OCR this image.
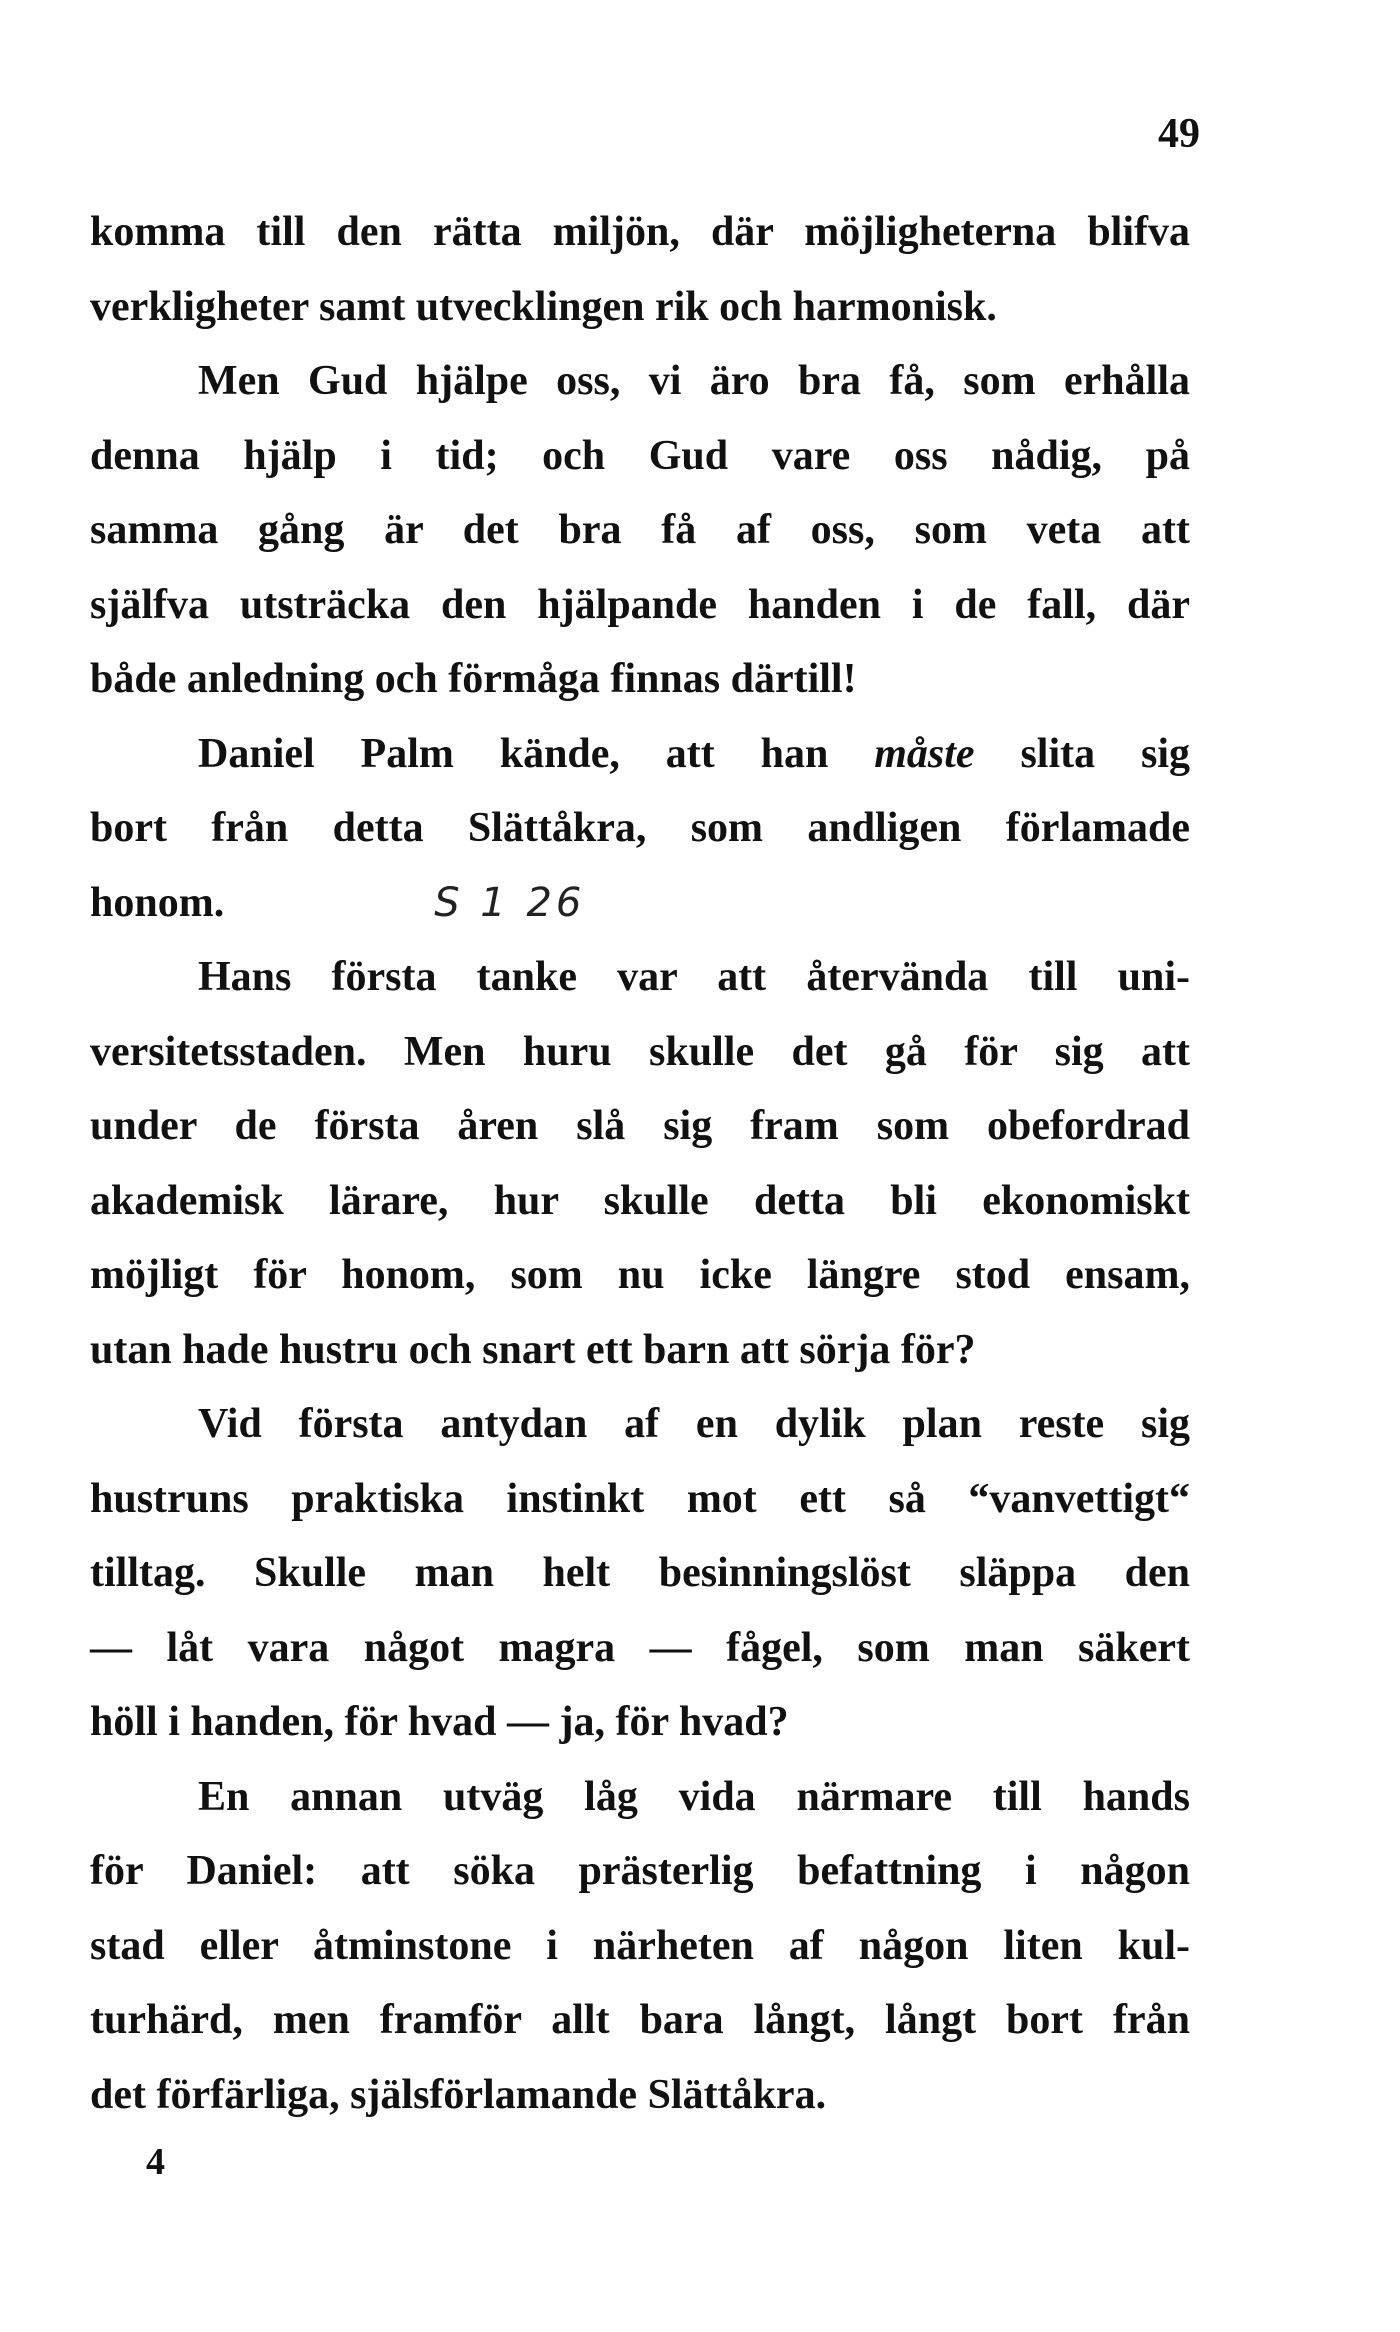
49
komma till den rätta miljön, där möjligheterna blifva
verkligheter samt utvecklingen rik och harmonisk.
Men Gud hjälpe oss, vi äro bra få, som erhålla
denna hjälp i tid; och Gud vare oss nådig, på
samma gång är det bra få af oss, som veta att
själfva utsträcka den hjälpande handen i de fall, där
både anledning och förmåga finnas därtill!
Daniel Palm kände, att han måste slita sig
bort från detta Slättåkra, som andligen förlamade
honom.	S 1 26
Hans första tanke var att återvända till uni-
versitetsstaden. Men huru skulle det gå för sig att
under de första åren slå sig fram som obefordrad
akademisk lärare, hur skulle detta bli ekonomiskt
möjligt för honom, som nu icke längre stod ensam,
utan hade hustru och snart ett barn att sörja för?
Vid första antydan af en dylik plan reste sig
hustruns praktiska instinkt mot ett så “vanvettigt“
tilltag. Skulle man helt besinningslöst släppa den
— låt vara något magra — fågel, som man säkert
höll i handen, för hvad — ja, för hvad?
En annan utväg låg vida närmare till hands
för Daniel: att söka prästerlig befattning i någon
stad eller åtminstone i närheten af någon liten kul-
turhärd, men framför allt bara långt, långt bort från
det förfärliga, själsförlamande Slättåkra.
4
